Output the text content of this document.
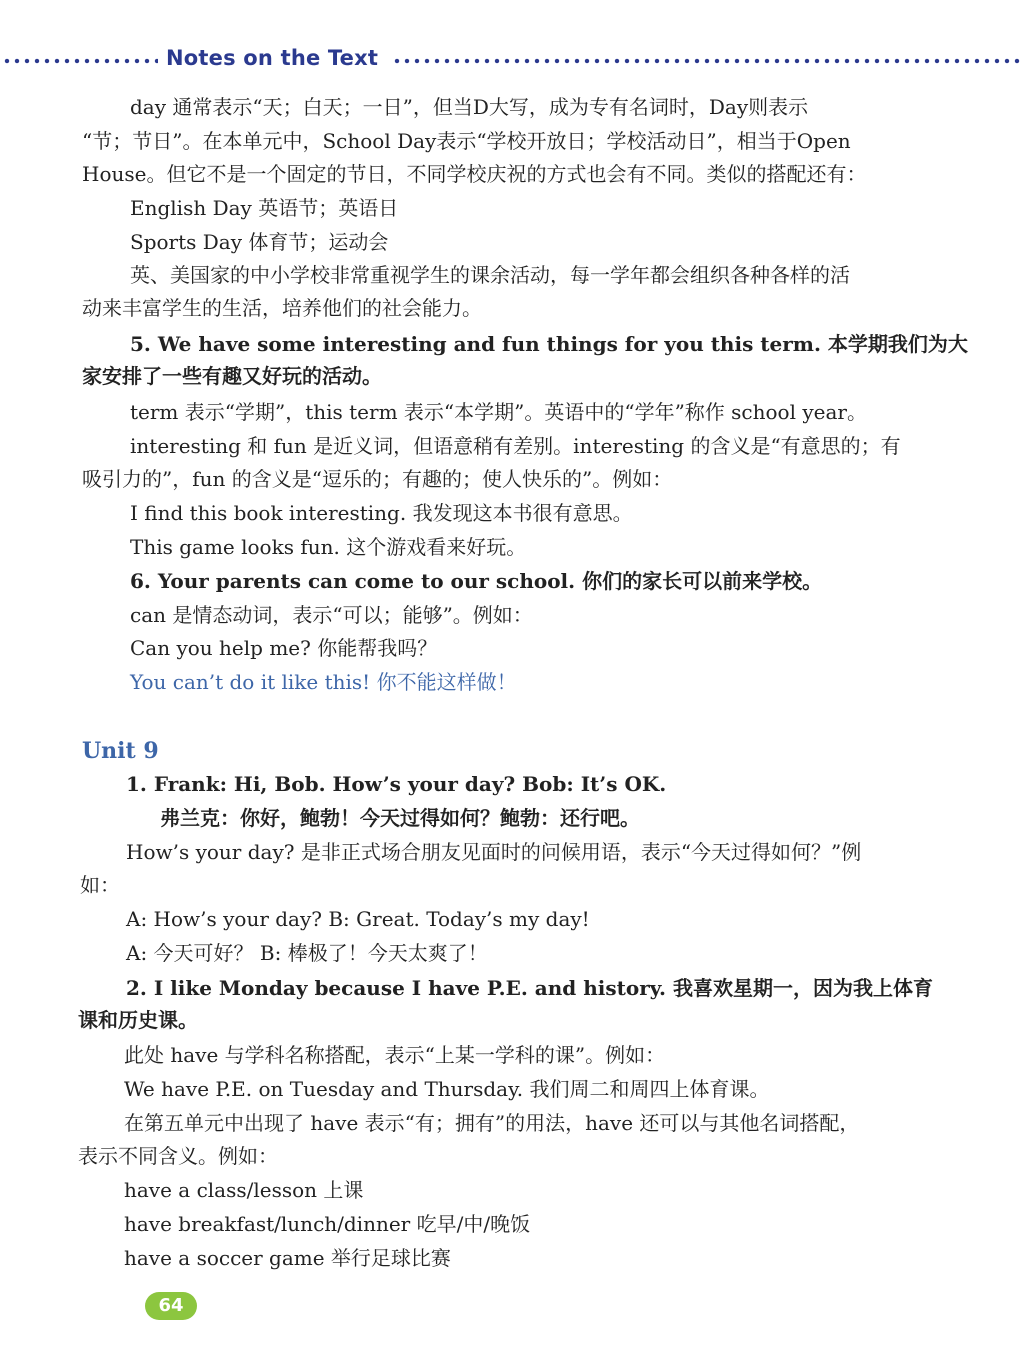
Notes on the Text
day 通常表示“天；白天；一日”，但当D大写，成为专有名词时，Day则表示
“节；节日”。在本单元中，School Day表示“学校开放日；学校活动日”，相当于Open
House。但它不是一个固定的节日，不同学校庆祝的方式也会有不同。类似的搭配还有：
English Day 英语节；英语日
Sports Day 体育节；运动会
英、美国家的中小学校非常重视学生的课余活动，每一学年都会组织各种各样的活
动来丰富学生的生活，培养他们的社会能力。
5. We have some interesting and fun things for you this term. 本学期我们为大
家安排了一些有趣又好玩的活动。
term 表示“学期”，this term 表示“本学期”。英语中的“学年”称作 school year。
interesting 和 fun 是近义词，但语意稍有差别。interesting 的含义是“有意思的；有
吸引力的”，fun 的含义是“逗乐的；有趣的；使人快乐的”。例如：
I find this book interesting. 我发现这本书很有意思。
This game looks fun. 这个游戏看来好玩。
6. Your parents can come to our school. 你们的家长可以前来学校。
can 是情态动词，表示“可以；能够”。例如：
Can you help me? 你能帮我吗？
You can’t do it like this! 你不能这样做！
Unit 9
1. Frank: Hi, Bob. How’s your day? Bob: It’s OK.
弗兰克：你好，鲍勃！今天过得如何？鲍勃：还行吧。
How’s your day? 是非正式场合朋友见面时的问候用语，表示“今天过得如何？”例
如：
A: How’s your day? B: Great. Today’s my day!
A: 今天可好？ B: 棒极了！今天太爽了！
2. I like Monday because I have P.E. and history. 我喜欢星期一，因为我上体育
课和历史课。
此处 have 与学科名称搭配，表示“上某一学科的课”。例如：
We have P.E. on Tuesday and Thursday. 我们周二和周四上体育课。
在第五单元中出现了 have 表示“有；拥有”的用法，have 还可以与其他名词搭配，
表示不同含义。例如：
have a class/lesson 上课
have breakfast/lunch/dinner 吃早/中/晚饭
have a soccer game 举行足球比赛
64
